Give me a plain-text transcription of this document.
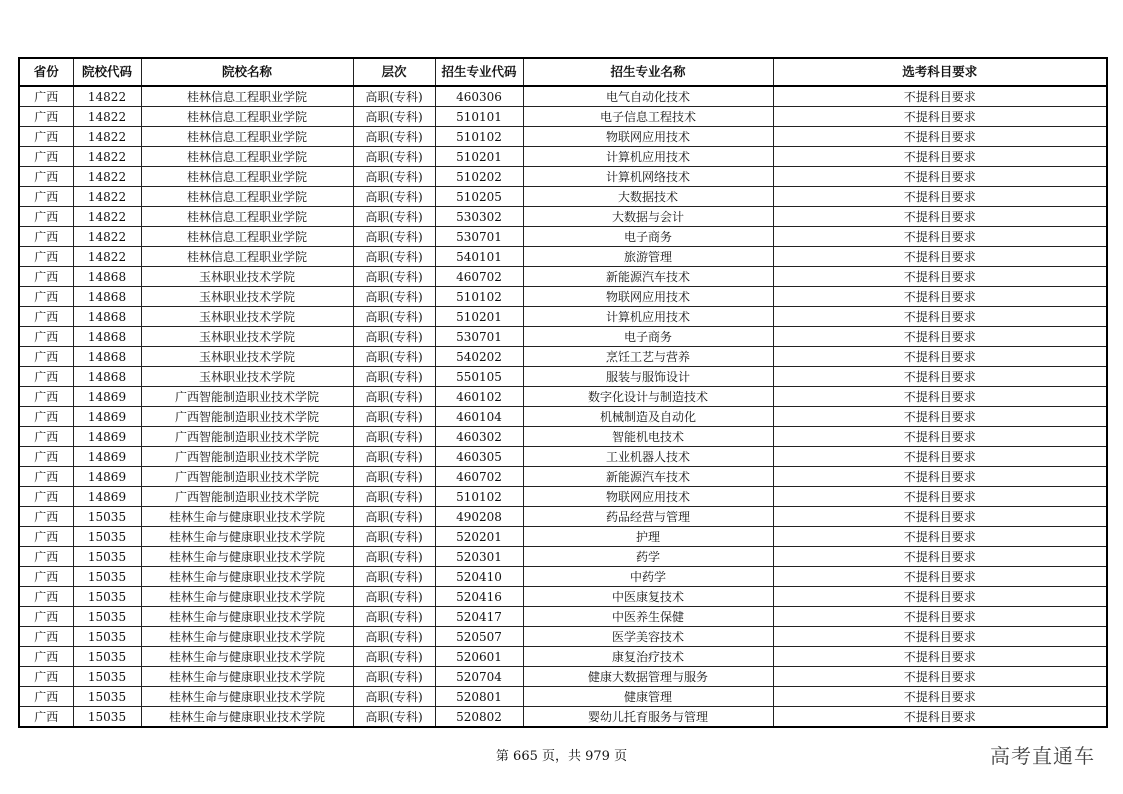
省份	院校代码	院校名称	层次	招生专业代码	招生专业名称	选考科目要求
广西	14822	桂林信息工程职业学院	高职(专科)	460306	电气自动化技术	不提科目要求
广西	14822	桂林信息工程职业学院	高职(专科)	510101	电子信息工程技术	不提科目要求
广西	14822	桂林信息工程职业学院	高职(专科)	510102	物联网应用技术	不提科目要求
广西	14822	桂林信息工程职业学院	高职(专科)	510201	计算机应用技术	不提科目要求
广西	14822	桂林信息工程职业学院	高职(专科)	510202	计算机网络技术	不提科目要求
广西	14822	桂林信息工程职业学院	高职(专科)	510205	大数据技术	不提科目要求
广西	14822	桂林信息工程职业学院	高职(专科)	530302	大数据与会计	不提科目要求
广西	14822	桂林信息工程职业学院	高职(专科)	530701	电子商务	不提科目要求
广西	14822	桂林信息工程职业学院	高职(专科)	540101	旅游管理	不提科目要求
广西	14868	玉林职业技术学院	高职(专科)	460702	新能源汽车技术	不提科目要求
广西	14868	玉林职业技术学院	高职(专科)	510102	物联网应用技术	不提科目要求
广西	14868	玉林职业技术学院	高职(专科)	510201	计算机应用技术	不提科目要求
广西	14868	玉林职业技术学院	高职(专科)	530701	电子商务	不提科目要求
广西	14868	玉林职业技术学院	高职(专科)	540202	烹饪工艺与营养	不提科目要求
广西	14868	玉林职业技术学院	高职(专科)	550105	服装与服饰设计	不提科目要求
广西	14869	广西智能制造职业技术学院	高职(专科)	460102	数字化设计与制造技术	不提科目要求
广西	14869	广西智能制造职业技术学院	高职(专科)	460104	机械制造及自动化	不提科目要求
广西	14869	广西智能制造职业技术学院	高职(专科)	460302	智能机电技术	不提科目要求
广西	14869	广西智能制造职业技术学院	高职(专科)	460305	工业机器人技术	不提科目要求
广西	14869	广西智能制造职业技术学院	高职(专科)	460702	新能源汽车技术	不提科目要求
广西	14869	广西智能制造职业技术学院	高职(专科)	510102	物联网应用技术	不提科目要求
广西	15035	桂林生命与健康职业技术学院	高职(专科)	490208	药品经营与管理	不提科目要求
广西	15035	桂林生命与健康职业技术学院	高职(专科)	520201	护理	不提科目要求
广西	15035	桂林生命与健康职业技术学院	高职(专科)	520301	药学	不提科目要求
广西	15035	桂林生命与健康职业技术学院	高职(专科)	520410	中药学	不提科目要求
广西	15035	桂林生命与健康职业技术学院	高职(专科)	520416	中医康复技术	不提科目要求
广西	15035	桂林生命与健康职业技术学院	高职(专科)	520417	中医养生保健	不提科目要求
广西	15035	桂林生命与健康职业技术学院	高职(专科)	520507	医学美容技术	不提科目要求
广西	15035	桂林生命与健康职业技术学院	高职(专科)	520601	康复治疗技术	不提科目要求
广西	15035	桂林生命与健康职业技术学院	高职(专科)	520704	健康大数据管理与服务	不提科目要求
广西	15035	桂林生命与健康职业技术学院	高职(专科)	520801	健康管理	不提科目要求
广西	15035	桂林生命与健康职业技术学院	高职(专科)	520802	婴幼儿托育服务与管理	不提科目要求
第 665 页，共 979 页	高考直通车
